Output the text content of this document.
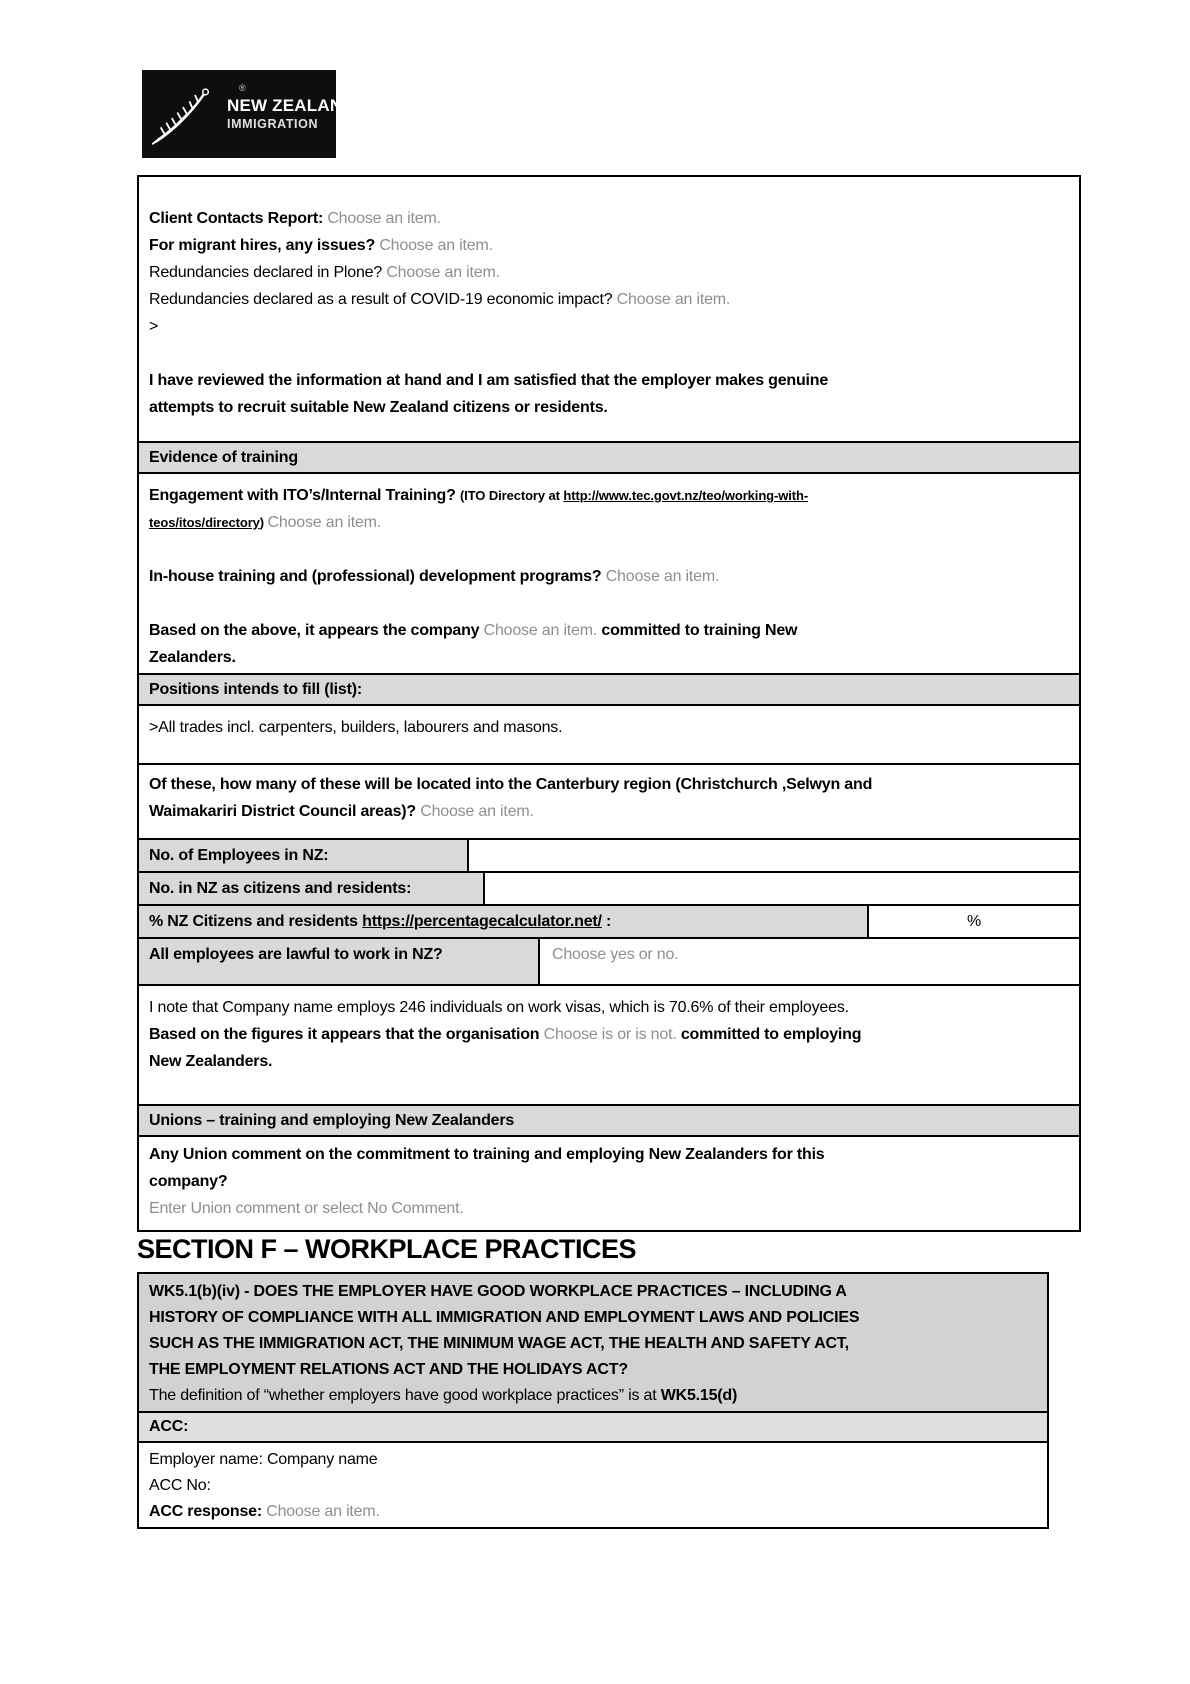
®
NEW ZEALAND
IMMIGRATION
Client Contacts Report: Choose an item.
For migrant hires, any issues? Choose an item.
Redundancies declared in Plone? Choose an item.
Redundancies declared as a result of COVID-19 economic impact? Choose an item.
>
I have reviewed the information at hand and I am satisfied that the employer makes genuine
attempts to recruit suitable New Zealand citizens or residents.
Evidence of training
Engagement with ITO’s/Internal Training? (ITO Directory at http://www.tec.govt.nz/teo/working-with-
teos/itos/directory) Choose an item.
In-house training and (professional) development programs? Choose an item.
Based on the above, it appears the company Choose an item. committed to training New
Zealanders.
Positions intends to fill (list):
>All trades incl. carpenters, builders, labourers and masons.
Of these, how many of these will be located into the Canterbury region (Christchurch ,Selwyn and
Waimakariri District Council areas)? Choose an item.
No. of Employees in NZ:
No. in NZ as citizens and residents:
% NZ Citizens and residents https://percentagecalculator.net/ :	%
All employees are lawful to work in NZ?	Choose yes or no.
I note that Company name employs 246 individuals on work visas, which is 70.6% of their employees.
Based on the figures it appears that the organisation Choose is or is not. committed to employing
New Zealanders.
Unions – training and employing New Zealanders
Any Union comment on the commitment to training and employing New Zealanders for this
company?
Enter Union comment or select No Comment.
SECTION F – WORKPLACE PRACTICES
WK5.1(b)(iv) - DOES THE EMPLOYER HAVE GOOD WORKPLACE PRACTICES – INCLUDING A
HISTORY OF COMPLIANCE WITH ALL IMMIGRATION AND EMPLOYMENT LAWS AND POLICIES
SUCH AS THE IMMIGRATION ACT, THE MINIMUM WAGE ACT, THE HEALTH AND SAFETY ACT,
THE EMPLOYMENT RELATIONS ACT AND THE HOLIDAYS ACT?
The definition of “whether employers have good workplace practices” is at WK5.15(d)
ACC:
Employer name: Company name
ACC No:
ACC response: Choose an item.
